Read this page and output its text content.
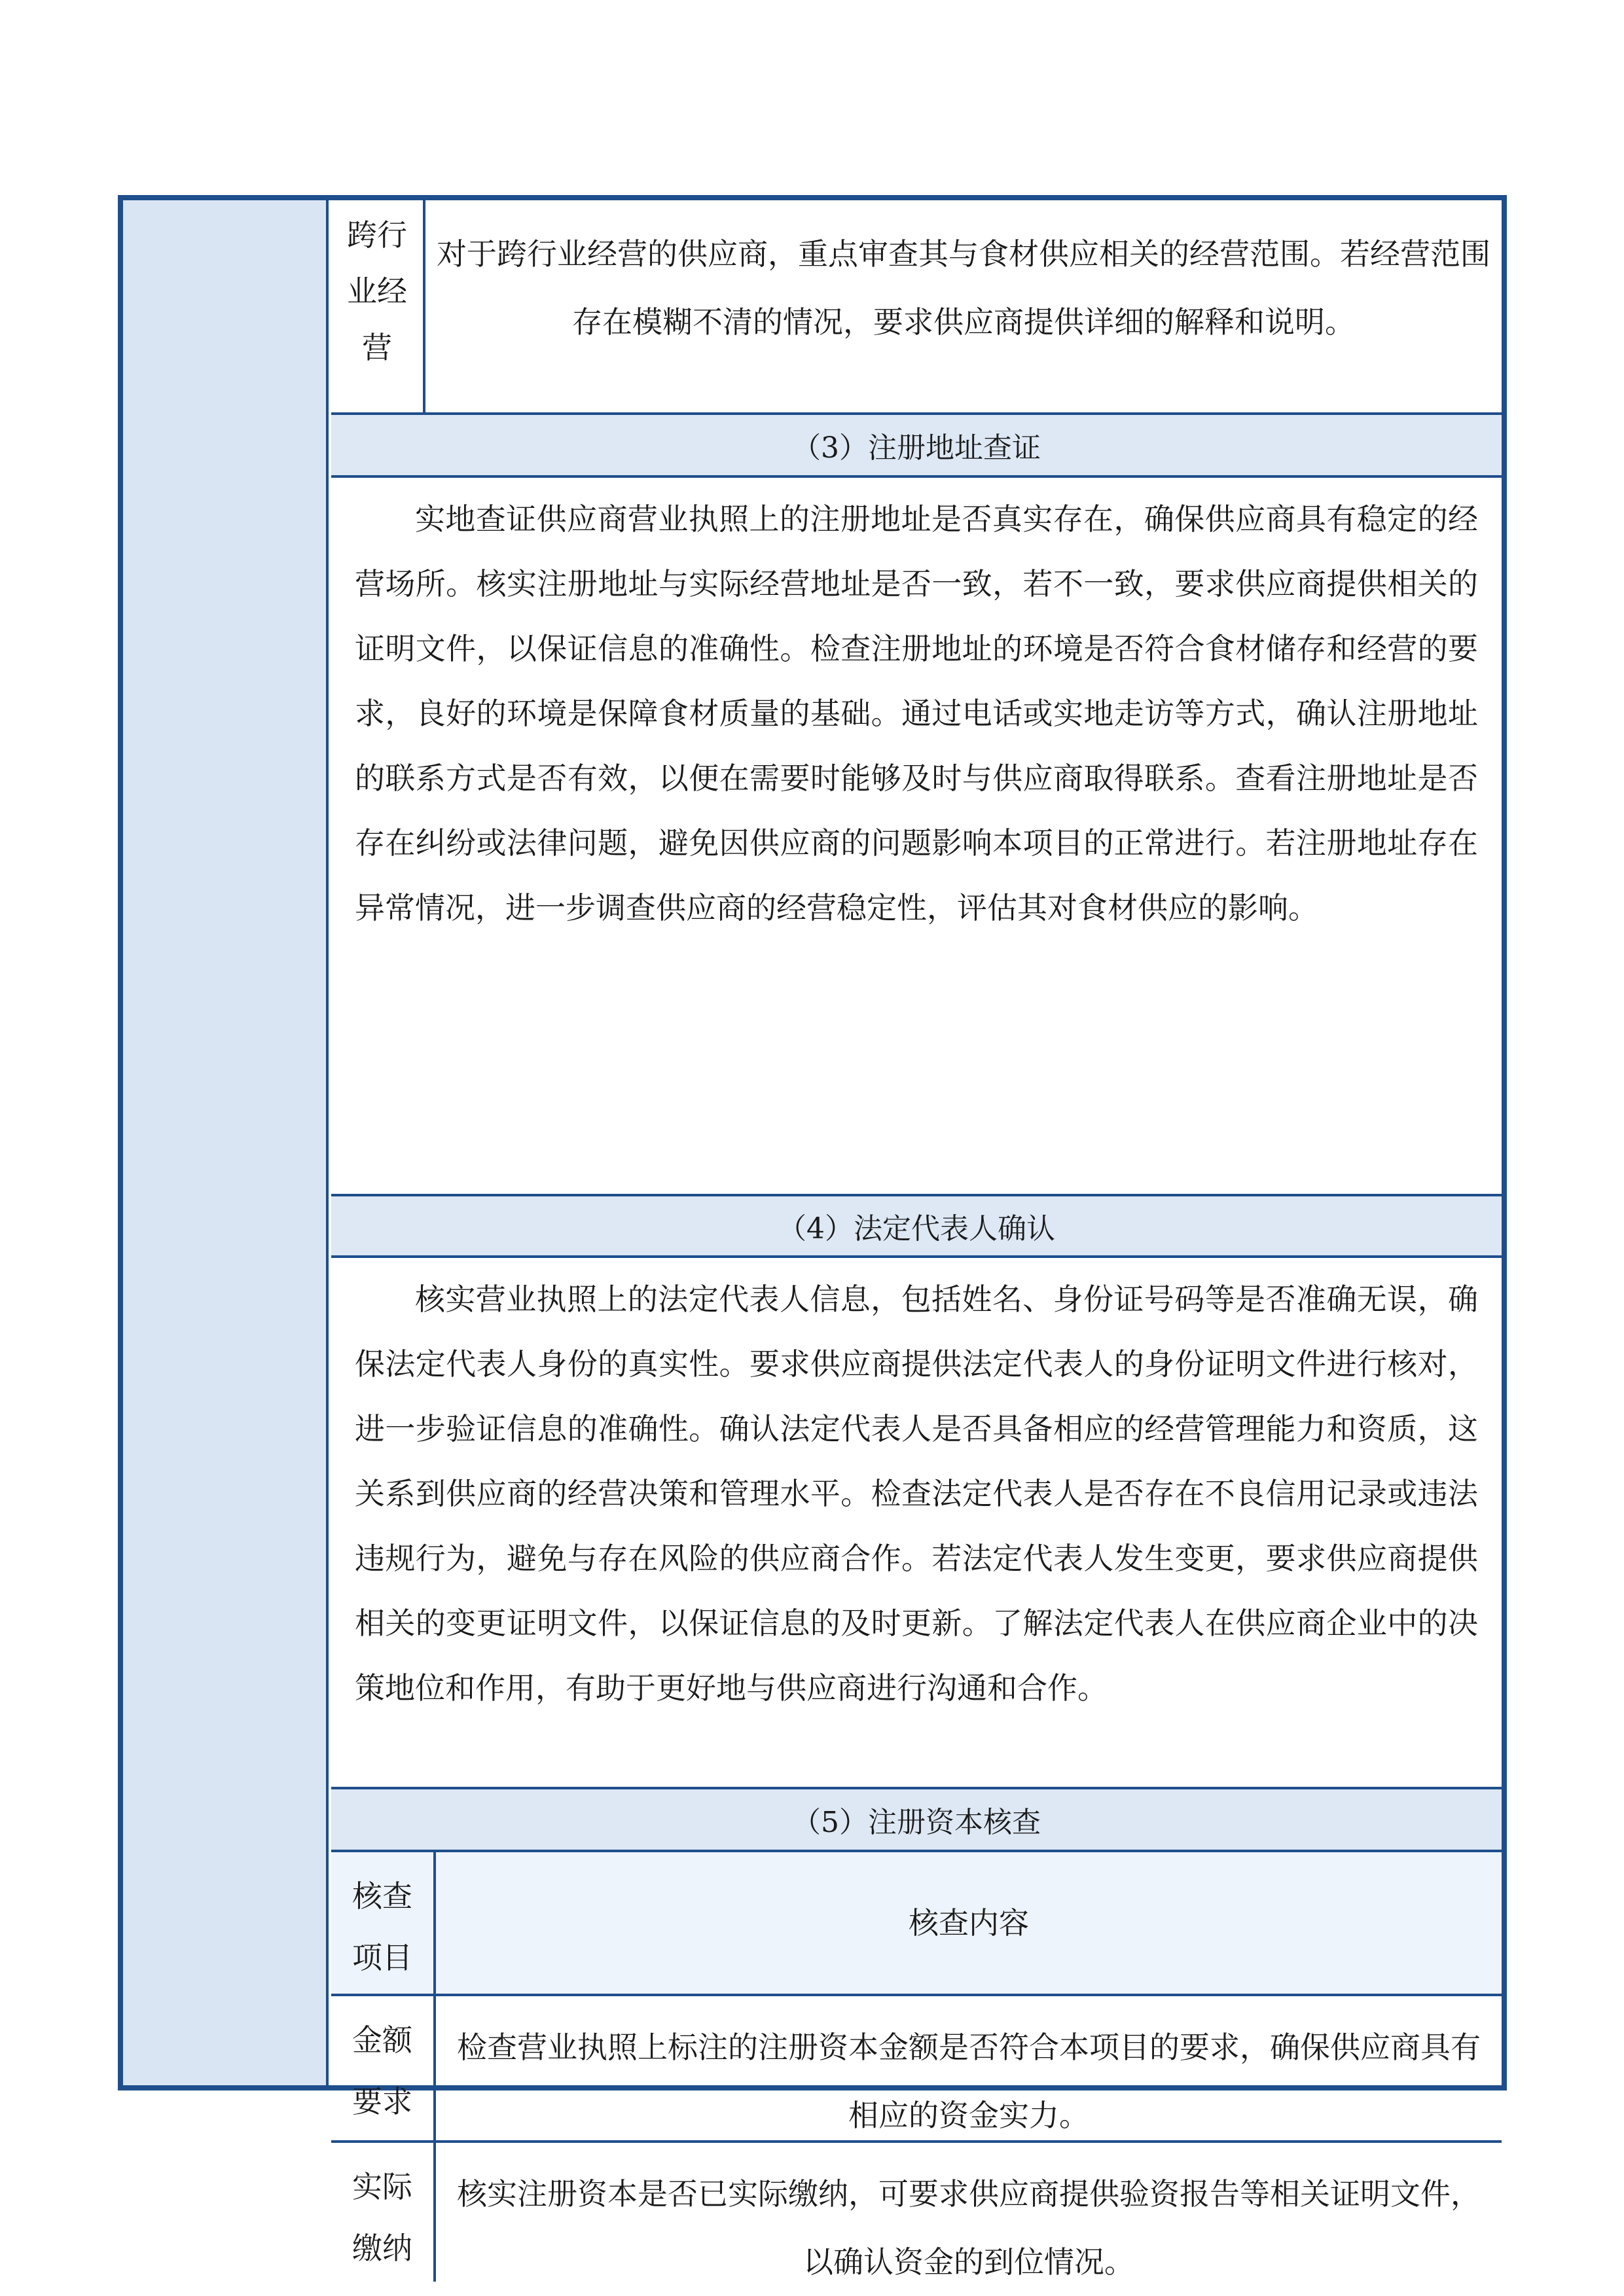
跨行业经营
对于跨行业经营的供应商，重点审查其与食材供应相关的经营范围。若经营范围存在模糊不清的情况，要求供应商提供详细的解释和说明。
（3）注册地址查证
实地查证供应商营业执照上的注册地址是否真实存在，确保供应商具有稳定的经营场所。核实注册地址与实际经营地址是否一致，若不一致，要求供应商提供相关的证明文件，以保证信息的准确性。检查注册地址的环境是否符合食材储存和经营的要求，良好的环境是保障食材质量的基础。通过电话或实地走访等方式，确认注册地址的联系方式是否有效，以便在需要时能够及时与供应商取得联系。查看注册地址是否存在纠纷或法律问题，避免因供应商的问题影响本项目的正常进行。若注册地址存在异常情况，进一步调查供应商的经营稳定性，评估其对食材供应的影响。
（4）法定代表人确认
核实营业执照上的法定代表人信息，包括姓名、身份证号码等是否准确无误，确保法定代表人身份的真实性。要求供应商提供法定代表人的身份证明文件进行核对，进一步验证信息的准确性。确认法定代表人是否具备相应的经营管理能力和资质，这关系到供应商的经营决策和管理水平。检查法定代表人是否存在不良信用记录或违法违规行为，避免与存在风险的供应商合作。若法定代表人发生变更，要求供应商提供相关的变更证明文件，以保证信息的及时更新。了解法定代表人在供应商企业中的决策地位和作用，有助于更好地与供应商进行沟通和合作。
（5）注册资本核查
核查项目
核查内容
金额要求
检查营业执照上标注的注册资本金额是否符合本项目的要求，确保供应商具有相应的资金实力。
实际缴纳
核实注册资本是否已实际缴纳，可要求供应商提供验资报告等相关证明文件，以确认资金的到位情况。
